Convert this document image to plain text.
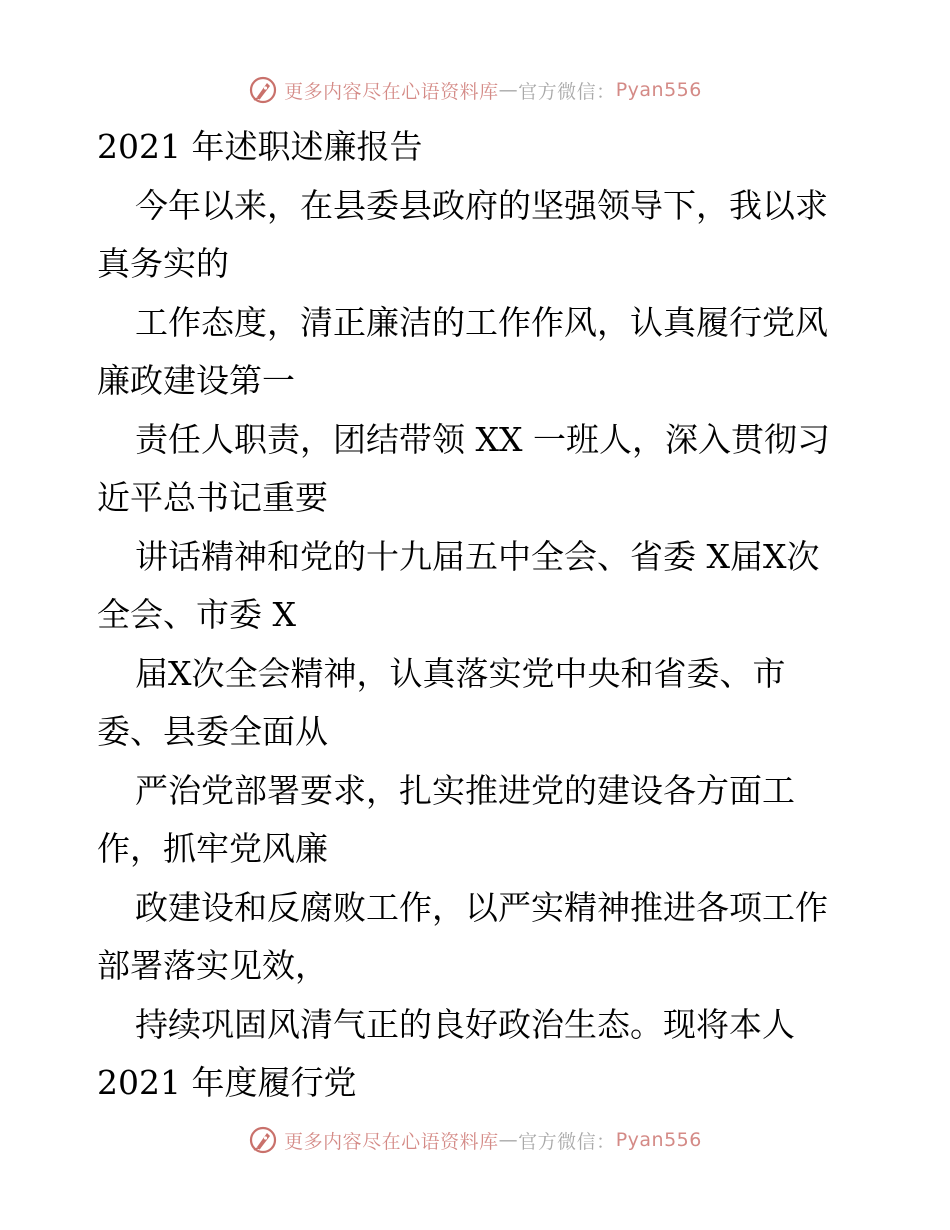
更多内容尽在心语资料库 — 官方微信： Pyan556

2021 年述职述廉报告

今年以来，在县委县政府的坚强领导下，我以求

真务实的

工作态度，清正廉洁的工作作风，认真履行党风

廉政建设第一

责任人职责，团结带领 XX 一班人，深入贯彻习

近平总书记重要

讲话精神和党的十九届五中全会、省委 X届X次

全会、市委 X

届X次全会精神，认真落实党中央和省委、市

委、县委全面从

严治党部署要求，扎实推进党的建设各方面工

作，抓牢党风廉

政建设和反腐败工作，以严实精神推进各项工作

部署落实见效，

持续巩固风清气正的良好政治生态。现将本人

2021 年度履行党

更多内容尽在心语资料库 — 官方微信： Pyan556
